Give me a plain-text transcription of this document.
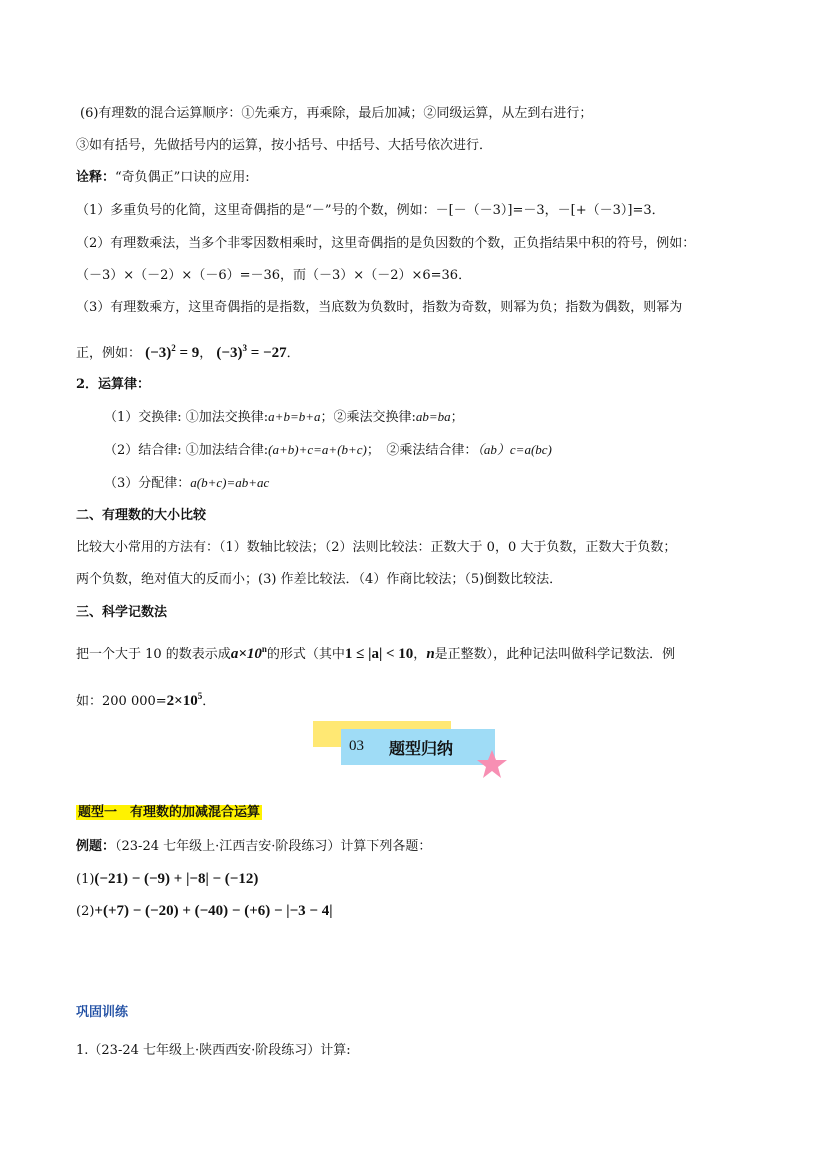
(6)有理数的混合运算顺序：①先乘方，再乘除，最后加减；②同级运算，从左到右进行；
③如有括号，先做括号内的运算，按小括号、中括号、大括号依次进行．
诠释：“奇负偶正”口诀的应用:
（1）多重负号的化简，这里奇偶指的是“－”号的个数，例如：－[－（－3）]=－3，－[+（－3）]=3．
（2）有理数乘法，当多个非零因数相乘时，这里奇偶指的是负因数的个数，正负指结果中积的符号，例如：
（－3）×（－2）×（－6）=－36，而（－3）×（－2）×6=36．
（3）有理数乘方，这里奇偶指的是指数，当底数为负数时，指数为奇数，则幂为负；指数为偶数，则幂为
正，例如： $(-3)^2 = 9$， $(-3)^3 = -27$．
2．运算律：
（1）交换律: ①加法交换律:a+b=b+a；②乘法交换律:ab=ba；
（2）结合律: ①加法结合律:(a+b)+c=a+(b+c)；　②乘法结合律：（ab）c=a(bc)
（3）分配律：a(b+c)=ab+ac
二、有理数的大小比较
比较大小常用的方法有：（1）数轴比较法；（2）法则比较法：正数大于 0，0 大于负数，正数大于负数；
两个负数，绝对值大的反而小；(3) 作差比较法．（4）作商比较法；（5)倒数比较法．
三、科学记数法
把一个大于 10 的数表示成$a\times 10^n$的形式（其中1 ≤ |a| < 10，n是正整数），此种记法叫做科学记数法．例
如：200 $000=2\times 10^5$．
03 题型归纳
题型一　有理数的加减混合运算
例题：（23-24 七年级上·江西吉安·阶段练习）计算下列各题：
(1)(−21) − (−9) + |−8| − (−12)
(2)+(+7) − (−20) + (−40) − (+6) − |−3 − 4|
巩固训练
1.（23-24 七年级上·陕西西安·阶段练习）计算:
